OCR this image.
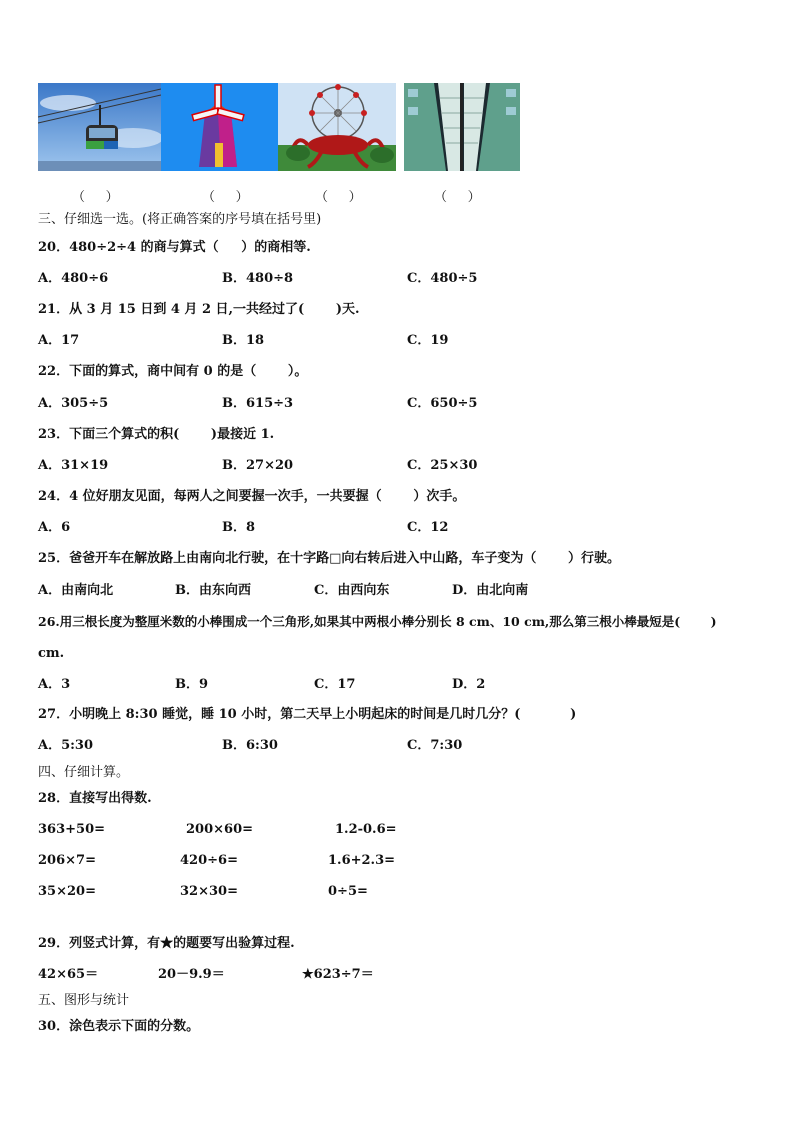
（     ）	（     ）	（     ）	（     ）
三、仔细选一选。(将正确答案的序号填在括号里)
20．480÷2÷4 的商与算式（     ）的商相等.
A．480÷6	B．480÷8	C．480÷5
21．从 3 月 15 日到 4 月 2 日,一共经过了(       )天.
A．17	B．18	C．19
22．下面的算式，商中间有 0 的是（       ）。
A．305÷5	B．615÷3	C．650÷5
23．下面三个算式的积(       )最接近 1.
A．31×19	B．27×20	C．25×30
24．4 位好朋友见面，每两人之间要握一次手，一共要握（       ）次手。
A．6	B．8	C．12
25．爸爸开车在解放路上由南向北行驶，在十字路□向右转后进入中山路，车子变为（       ）行驶。
A．由南向北	B．由东向西	C．由西向东	D．由北向南
26.用三根长度为整厘米数的小棒围成一个三角形,如果其中两根小棒分别长 8 cm、10 cm,那么第三根小棒最短是(       )
cm.
A．3	B．9	C．17	D．2
27．小明晚上 8:30 睡觉，睡 10 小时，第二天早上小明起床的时间是几时几分？(           )
A．5:30	B．6:30	C．7:30
四、仔细计算。
28．直接写出得数.
363+50=	200×60=	1.2-0.6=
206×7=	420÷6=	1.6+2.3=
35×20=	32×30=	0÷5=
29．列竖式计算，有★的题要写出验算过程.
42×65＝	20－9.9＝	★623÷7＝
五、图形与统计
30．涂色表示下面的分数。
